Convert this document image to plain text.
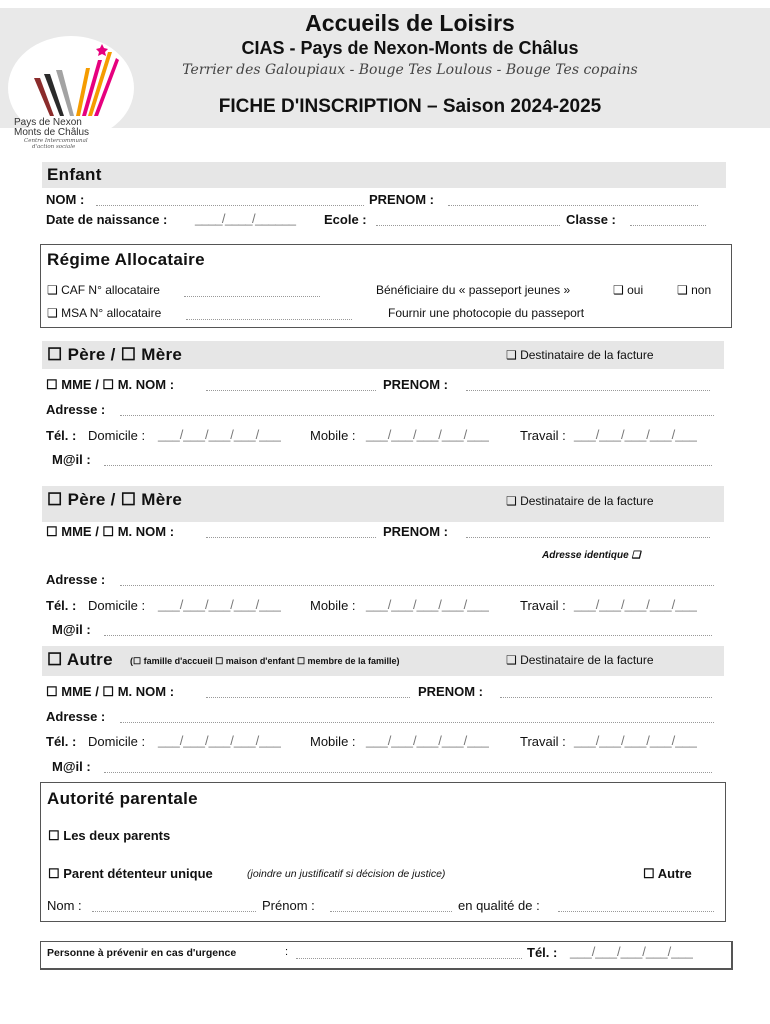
Pays de Nexon
Monts de Châlus
Centre Intercommunal
d'action sociale
Accueils de Loisirs
CIAS - Pays de Nexon-Monts de Châlus
Terrier des Galoupiaux - Bouge Tes Loulous - Bouge Tes copains
FICHE D'INSCRIPTION – Saison 2024-2025
Enfant
NOM :	PRENOM :
Date de naissance : ____/____/______ Ecole :	Classe :
Régime Allocataire
❑ CAF N° allocataire	Bénéficiaire du « passeport jeunes »	❑ oui	❑ non
❑ MSA N° allocataire	Fournir une photocopie du passeport
☐ Père / ☐ Mère	❑ Destinataire de la facture
☐ MME / ☐ M. NOM :	PRENOM :
Adresse :
Tél. : Domicile : ___/___/___/___/___ Mobile : ___/___/___/___/___ Travail : ___/___/___/___/___
M@il :
☐ Père / ☐ Mère	❑ Destinataire de la facture
☐ MME / ☐ M. NOM :	PRENOM :
Adresse identique ❑
Adresse :
Tél. : Domicile : ___/___/___/___/___ Mobile : ___/___/___/___/___ Travail : ___/___/___/___/___
M@il :
☐ Autre (☐ famille d'accueil ☐ maison d'enfant ☐ membre de la famille)	❑ Destinataire de la facture
☐ MME / ☐ M. NOM :	PRENOM :
Adresse :
Tél. : Domicile : ___/___/___/___/___ Mobile : ___/___/___/___/___ Travail : ___/___/___/___/___
M@il :
Autorité parentale
☐ Les deux parents
☐ Parent détenteur unique	(joindre un justificatif si décision de justice)	☐ Autre
Nom :	Prénom :	en qualité de :
Personne à prévenir en cas d'urgence	:	Tél. : ___/___/___/___/___
